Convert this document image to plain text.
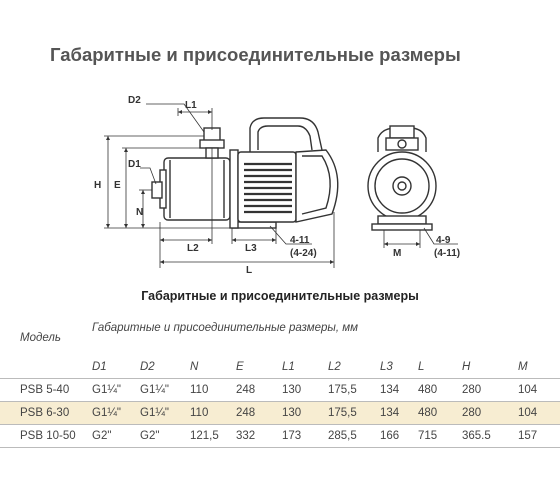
Габаритные и присоединительные размеры
D2	L1
D1
H E
N
L2	L3
L
4-11
(4-24)	M
4-9
(4-11)
Габаритные и присоединительные размеры
Модель	Габаритные и присоединительные размеры, мм									
	D1	D2	N	E	L1	L2	L3	L	H	M
PSB 5-40	G1¼"	G1¼"	110	248	130	175,5	134	480	280	104
PSB 6-30	G1¼"	G1¼"	110	248	130	175,5	134	480	280	104
PSB 10-50	G2"	G2"	121,5	332	173	285,5	166	715	365.5	157
